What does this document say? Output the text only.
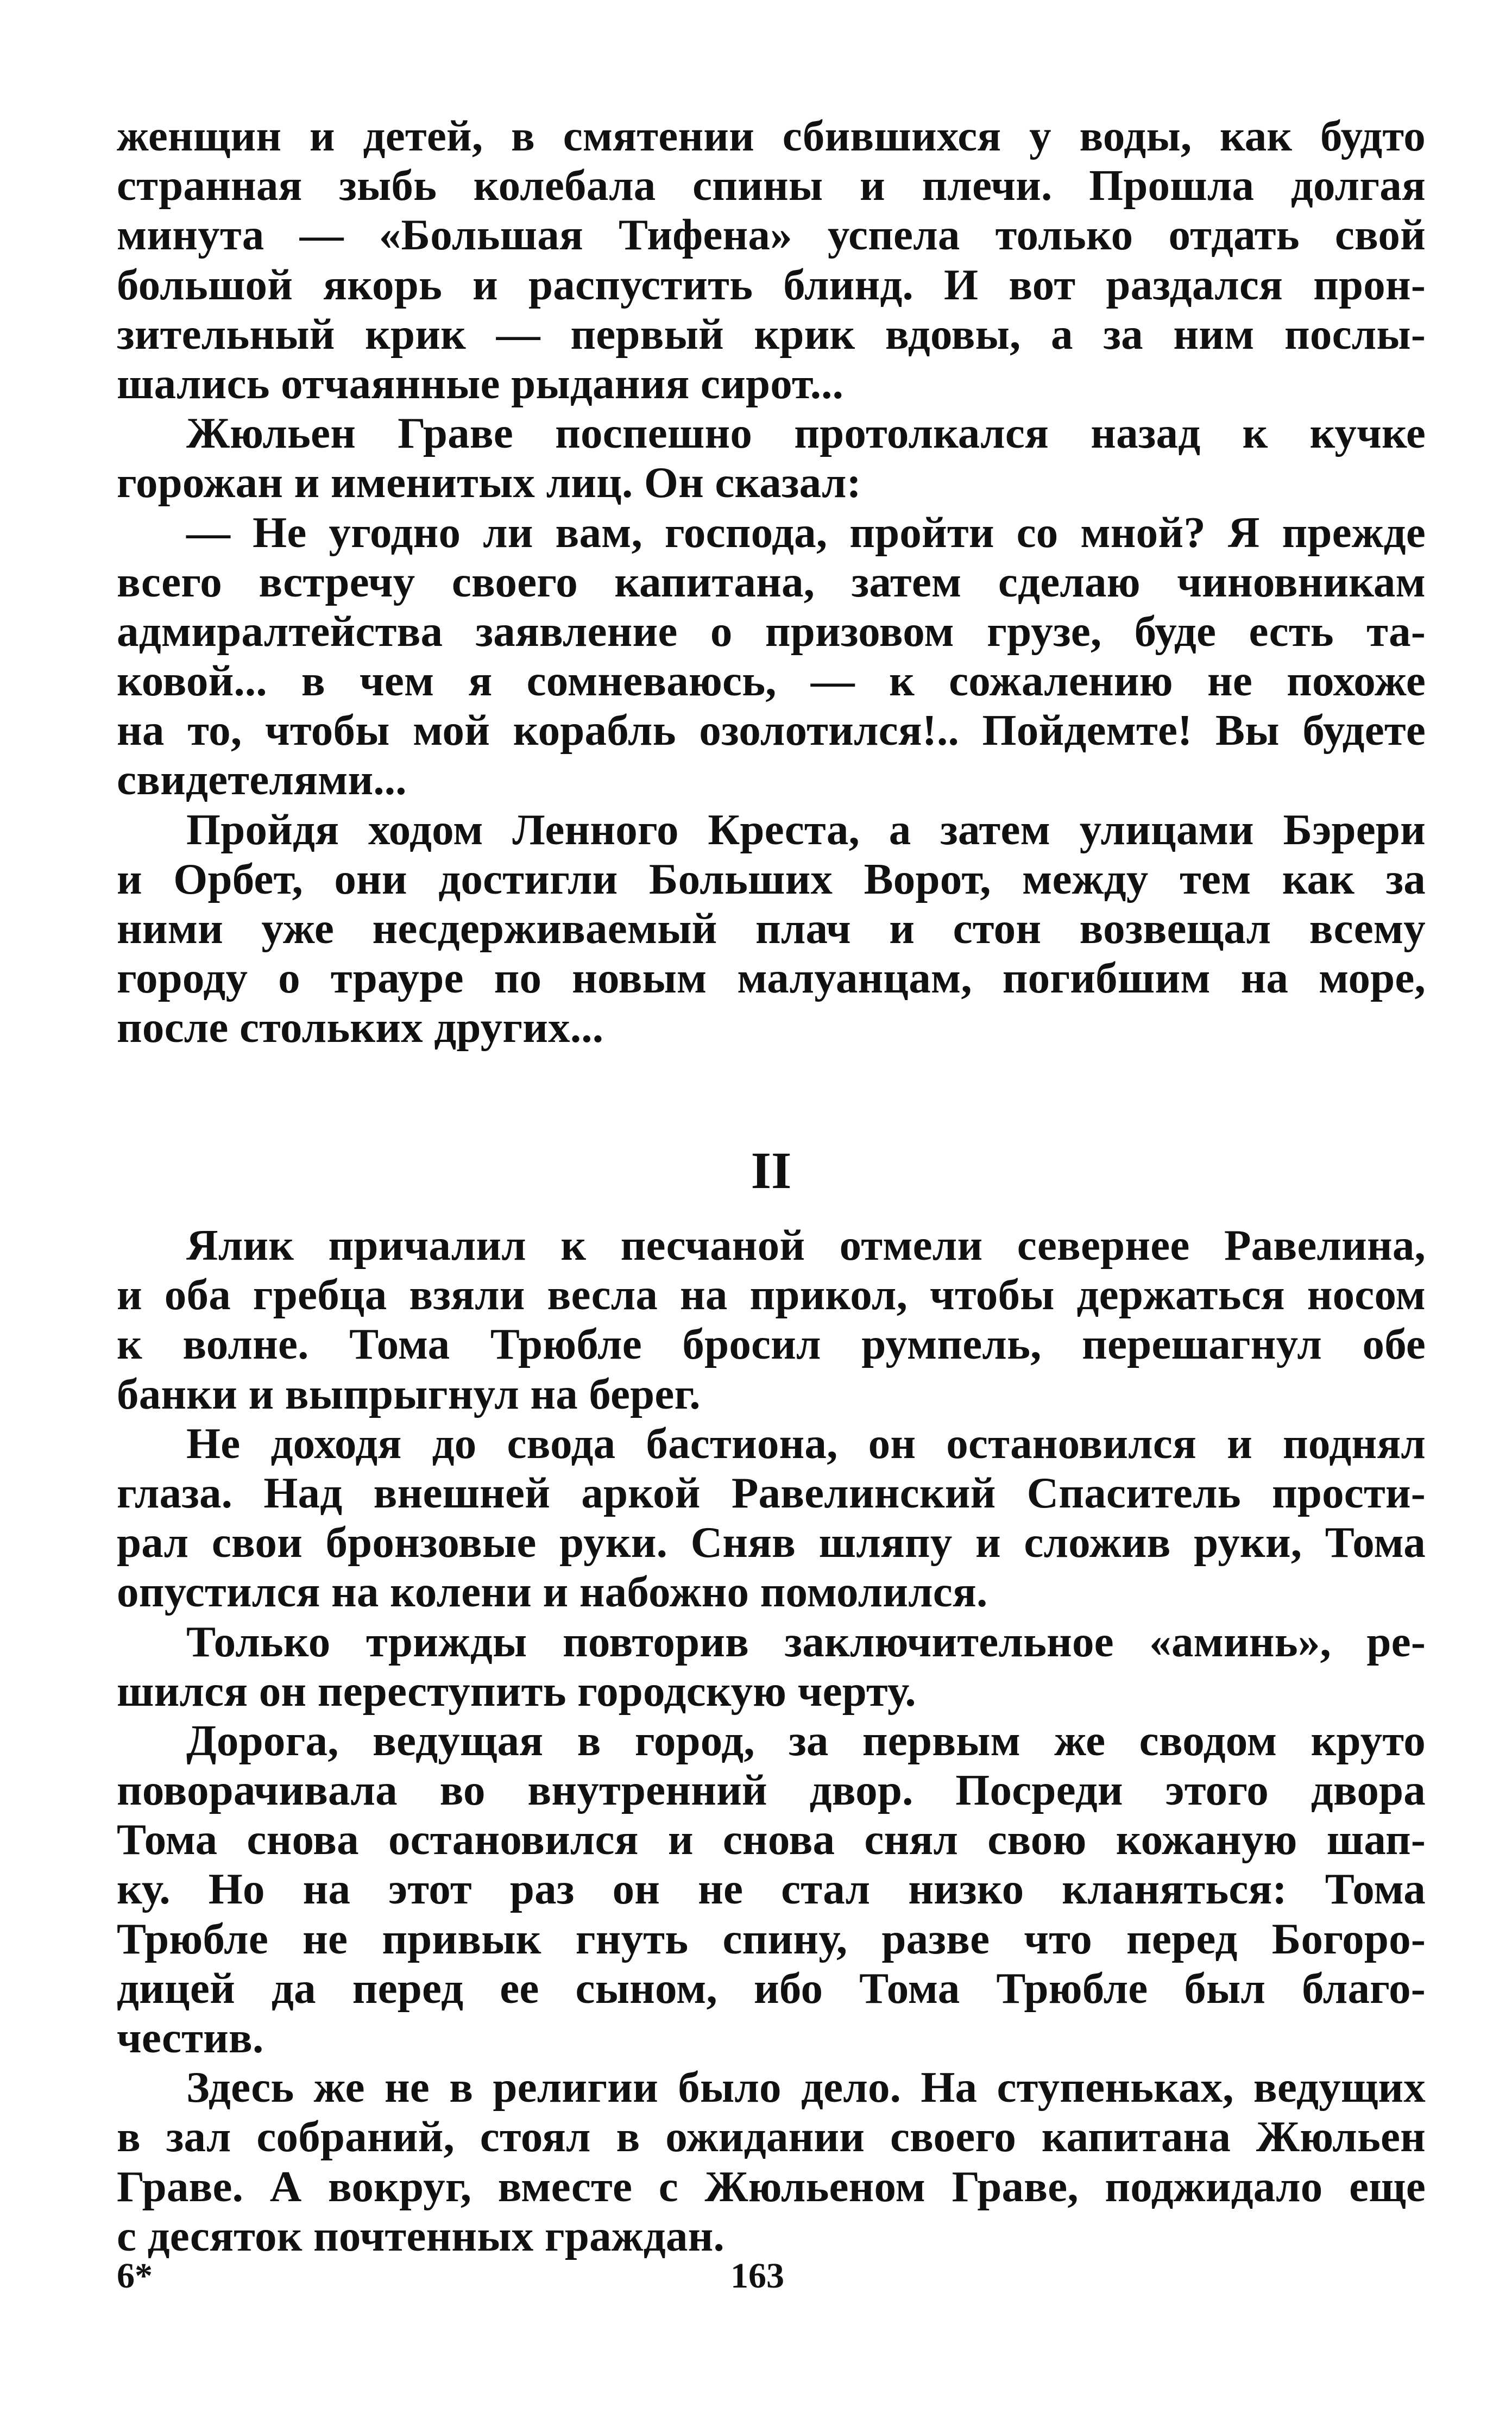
женщин и детей, в смятении сбившихся у воды, как будто
странная зыбь колебала спины и плечи. Прошла долгая
минута — «Большая Тифена» успела только отдать свой
большой якорь и распустить блинд. И вот раздался прон-
зительный крик — первый крик вдовы, а за ним послы-
шались отчаянные рыдания сирот...
Жюльен Граве поспешно протолкался назад к кучке
горожан и именитых лиц. Он сказал:
— Не угодно ли вам, господа, пройти со мной? Я прежде
всего встречу своего капитана, затем сделаю чиновникам
адмиралтейства заявление о призовом грузе, буде есть та-
ковой... в чем я сомневаюсь, — к сожалению не похоже
на то, чтобы мой корабль озолотился!.. Пойдемте! Вы будете
свидетелями...
Пройдя ходом Ленного Креста, а затем улицами Бэрери
и Орбет, они достигли Больших Ворот, между тем как за
ними уже несдерживаемый плач и стон возвещал всему
городу о трауре по новым малуанцам, погибшим на море,
после стольких других...
II
Ялик причалил к песчаной отмели севернее Равелина,
и оба гребца взяли весла на прикол, чтобы держаться носом
к волне. Тома Трюбле бросил румпель, перешагнул обе
банки и выпрыгнул на берег.
Не доходя до свода бастиона, он остановился и поднял
глаза. Над внешней аркой Равелинский Спаситель прости-
рал свои бронзовые руки. Сняв шляпу и сложив руки, Тома
опустился на колени и набожно помолился.
Только трижды повторив заключительное «аминь», ре-
шился он переступить городскую черту.
Дорога, ведущая в город, за первым же сводом круто
поворачивала во внутренний двор. Посреди этого двора
Тома снова остановился и снова снял свою кожаную шап-
ку. Но на этот раз он не стал низко кланяться: Тома
Трюбле не привык гнуть спину, разве что перед Богоро-
дицей да перед ее сыном, ибо Тома Трюбле был благо-
честив.
Здесь же не в религии было дело. На ступеньках, ведущих
в зал собраний, стоял в ожидании своего капитана Жюльен
Граве. А вокруг, вместе с Жюльеном Граве, поджидало еще
с десяток почтенных граждан.
6*	163
